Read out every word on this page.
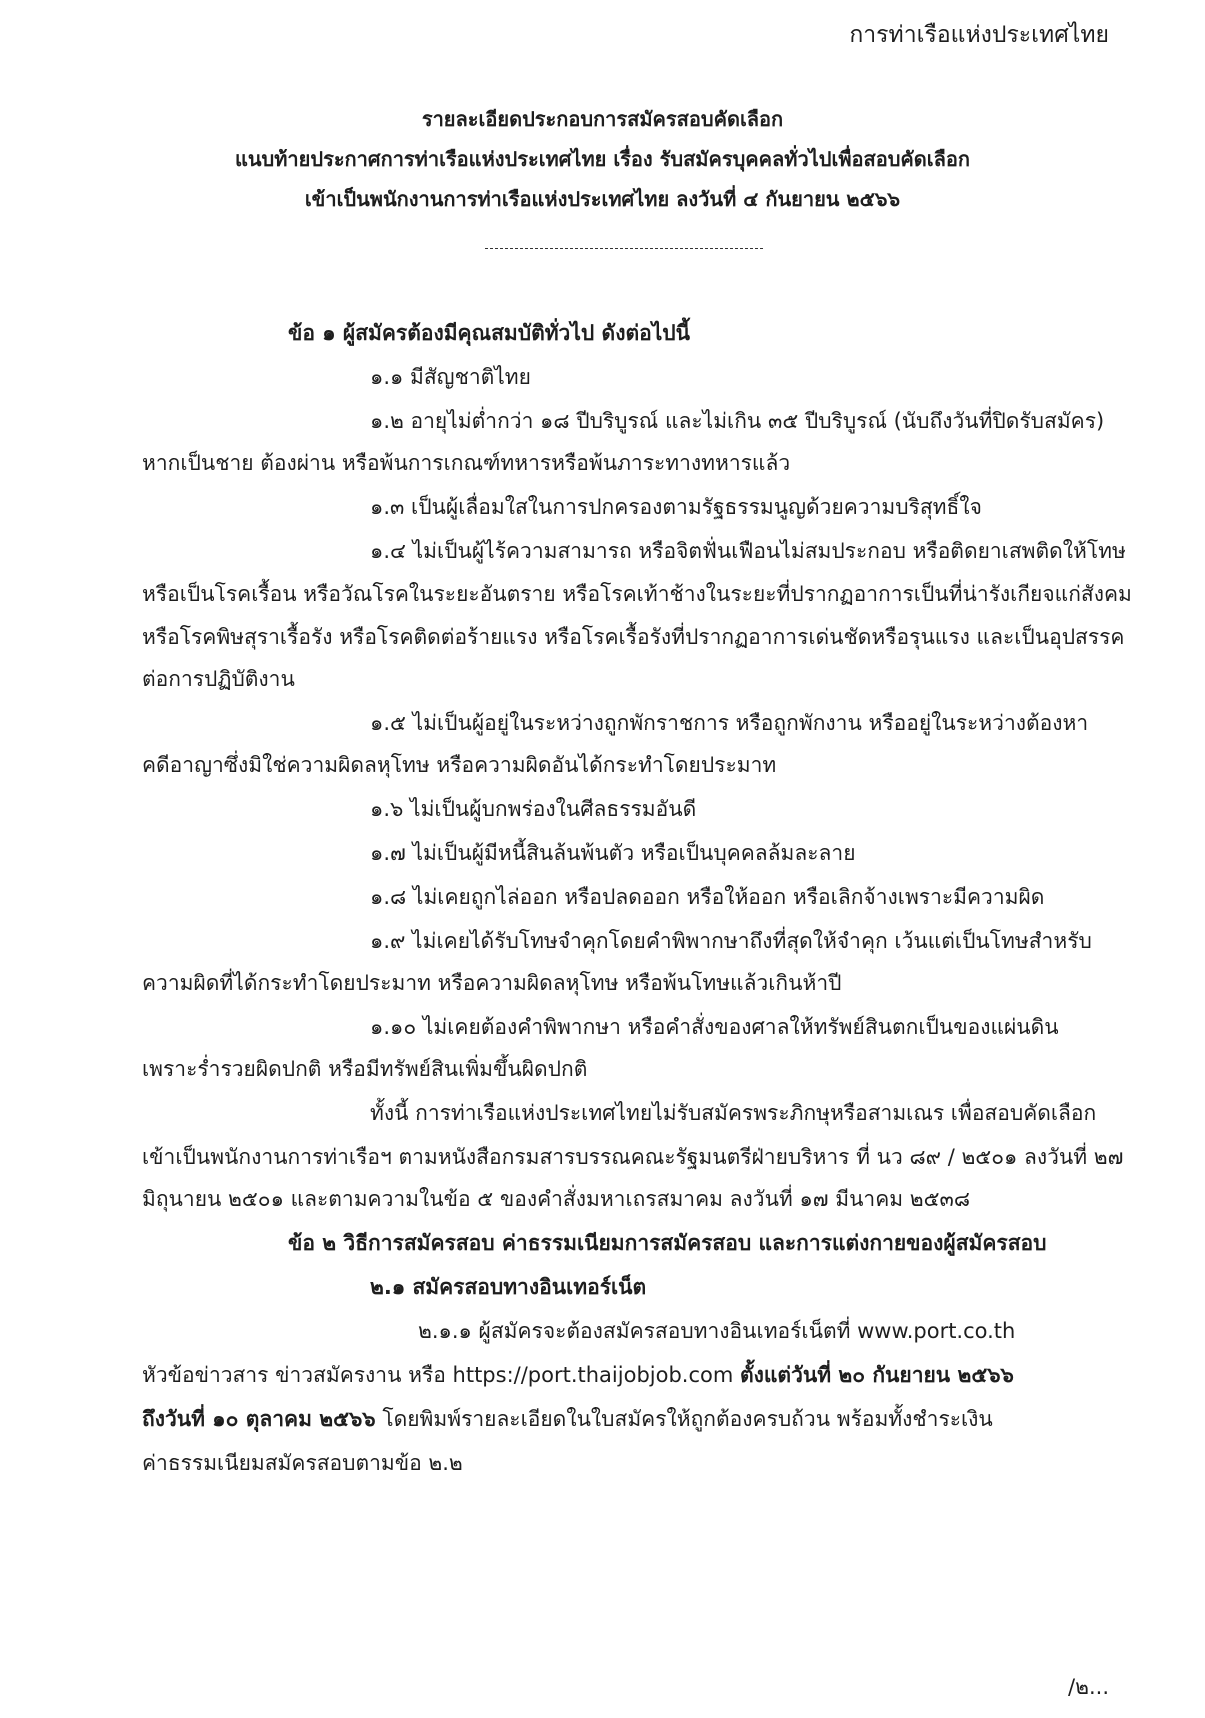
การท่าเรือแห่งประเทศไทย
รายละเอียดประกอบการสมัครสอบคัดเลือก
แนบท้ายประกาศการท่าเรือแห่งประเทศไทย เรื่อง รับสมัครบุคคลทั่วไปเพื่อสอบคัดเลือก
เข้าเป็นพนักงานการท่าเรือแห่งประเทศไทย ลงวันที่ ๔ กันยายน ๒๕๖๖
ข้อ ๑ ผู้สมัครต้องมีคุณสมบัติทั่วไป ดังต่อไปนี้
๑.๑ มีสัญชาติไทย
๑.๒ อายุไม่ต่ำกว่า ๑๘ ปีบริบูรณ์ และไม่เกิน ๓๕ ปีบริบูรณ์ (นับถึงวันที่ปิดรับสมัคร)
หากเป็นชาย ต้องผ่าน หรือพ้นการเกณฑ์ทหารหรือพ้นภาระทางทหารแล้ว
๑.๓ เป็นผู้เลื่อมใสในการปกครองตามรัฐธรรมนูญด้วยความบริสุทธิ์ใจ
๑.๔ ไม่เป็นผู้ไร้ความสามารถ หรือจิตฟั่นเฟือนไม่สมประกอบ หรือติดยาเสพติดให้โทษ
หรือเป็นโรคเรื้อน หรือวัณโรคในระยะอันตราย หรือโรคเท้าช้างในระยะที่ปรากฏอาการเป็นที่น่ารังเกียจแก่สังคม
หรือโรคพิษสุราเรื้อรัง หรือโรคติดต่อร้ายแรง หรือโรคเรื้อรังที่ปรากฏอาการเด่นชัดหรือรุนแรง และเป็นอุปสรรค
ต่อการปฏิบัติงาน
๑.๕ ไม่เป็นผู้อยู่ในระหว่างถูกพักราชการ หรือถูกพักงาน หรืออยู่ในระหว่างต้องหา
คดีอาญาซึ่งมิใช่ความผิดลหุโทษ หรือความผิดอันได้กระทำโดยประมาท
๑.๖ ไม่เป็นผู้บกพร่องในศีลธรรมอันดี
๑.๗ ไม่เป็นผู้มีหนี้สินล้นพ้นตัว หรือเป็นบุคคลล้มละลาย
๑.๘ ไม่เคยถูกไล่ออก หรือปลดออก หรือให้ออก หรือเลิกจ้างเพราะมีความผิด
๑.๙ ไม่เคยได้รับโทษจำคุกโดยคำพิพากษาถึงที่สุดให้จำคุก เว้นแต่เป็นโทษสำหรับ
ความผิดที่ได้กระทำโดยประมาท หรือความผิดลหุโทษ หรือพ้นโทษแล้วเกินห้าปี
๑.๑๐ ไม่เคยต้องคำพิพากษา หรือคำสั่งของศาลให้ทรัพย์สินตกเป็นของแผ่นดิน
เพราะร่ำรวยผิดปกติ หรือมีทรัพย์สินเพิ่มขึ้นผิดปกติ
ทั้งนี้ การท่าเรือแห่งประเทศไทยไม่รับสมัครพระภิกษุหรือสามเณร เพื่อสอบคัดเลือก
เข้าเป็นพนักงานการท่าเรือฯ ตามหนังสือกรมสารบรรณคณะรัฐมนตรีฝ่ายบริหาร ที่ นว ๘๙ / ๒๕๐๑ ลงวันที่ ๒๗
มิถุนายน ๒๕๐๑ และตามความในข้อ ๕ ของคำสั่งมหาเถรสมาคม ลงวันที่ ๑๗ มีนาคม ๒๕๓๘
ข้อ ๒ วิธีการสมัครสอบ ค่าธรรมเนียมการสมัครสอบ และการแต่งกายของผู้สมัครสอบ
๒.๑ สมัครสอบทางอินเทอร์เน็ต
๒.๑.๑ ผู้สมัครจะต้องสมัครสอบทางอินเทอร์เน็ตที่ www.port.co.th
หัวข้อข่าวสาร ข่าวสมัครงาน หรือ https://port.thaijobjob.com ตั้งแต่วันที่ ๒๐ กันยายน ๒๕๖๖
ถึงวันที่ ๑๐ ตุลาคม ๒๕๖๖ โดยพิมพ์รายละเอียดในใบสมัครให้ถูกต้องครบถ้วน พร้อมทั้งชำระเงิน
ค่าธรรมเนียมสมัครสอบตามข้อ ๒.๒
/๒...
